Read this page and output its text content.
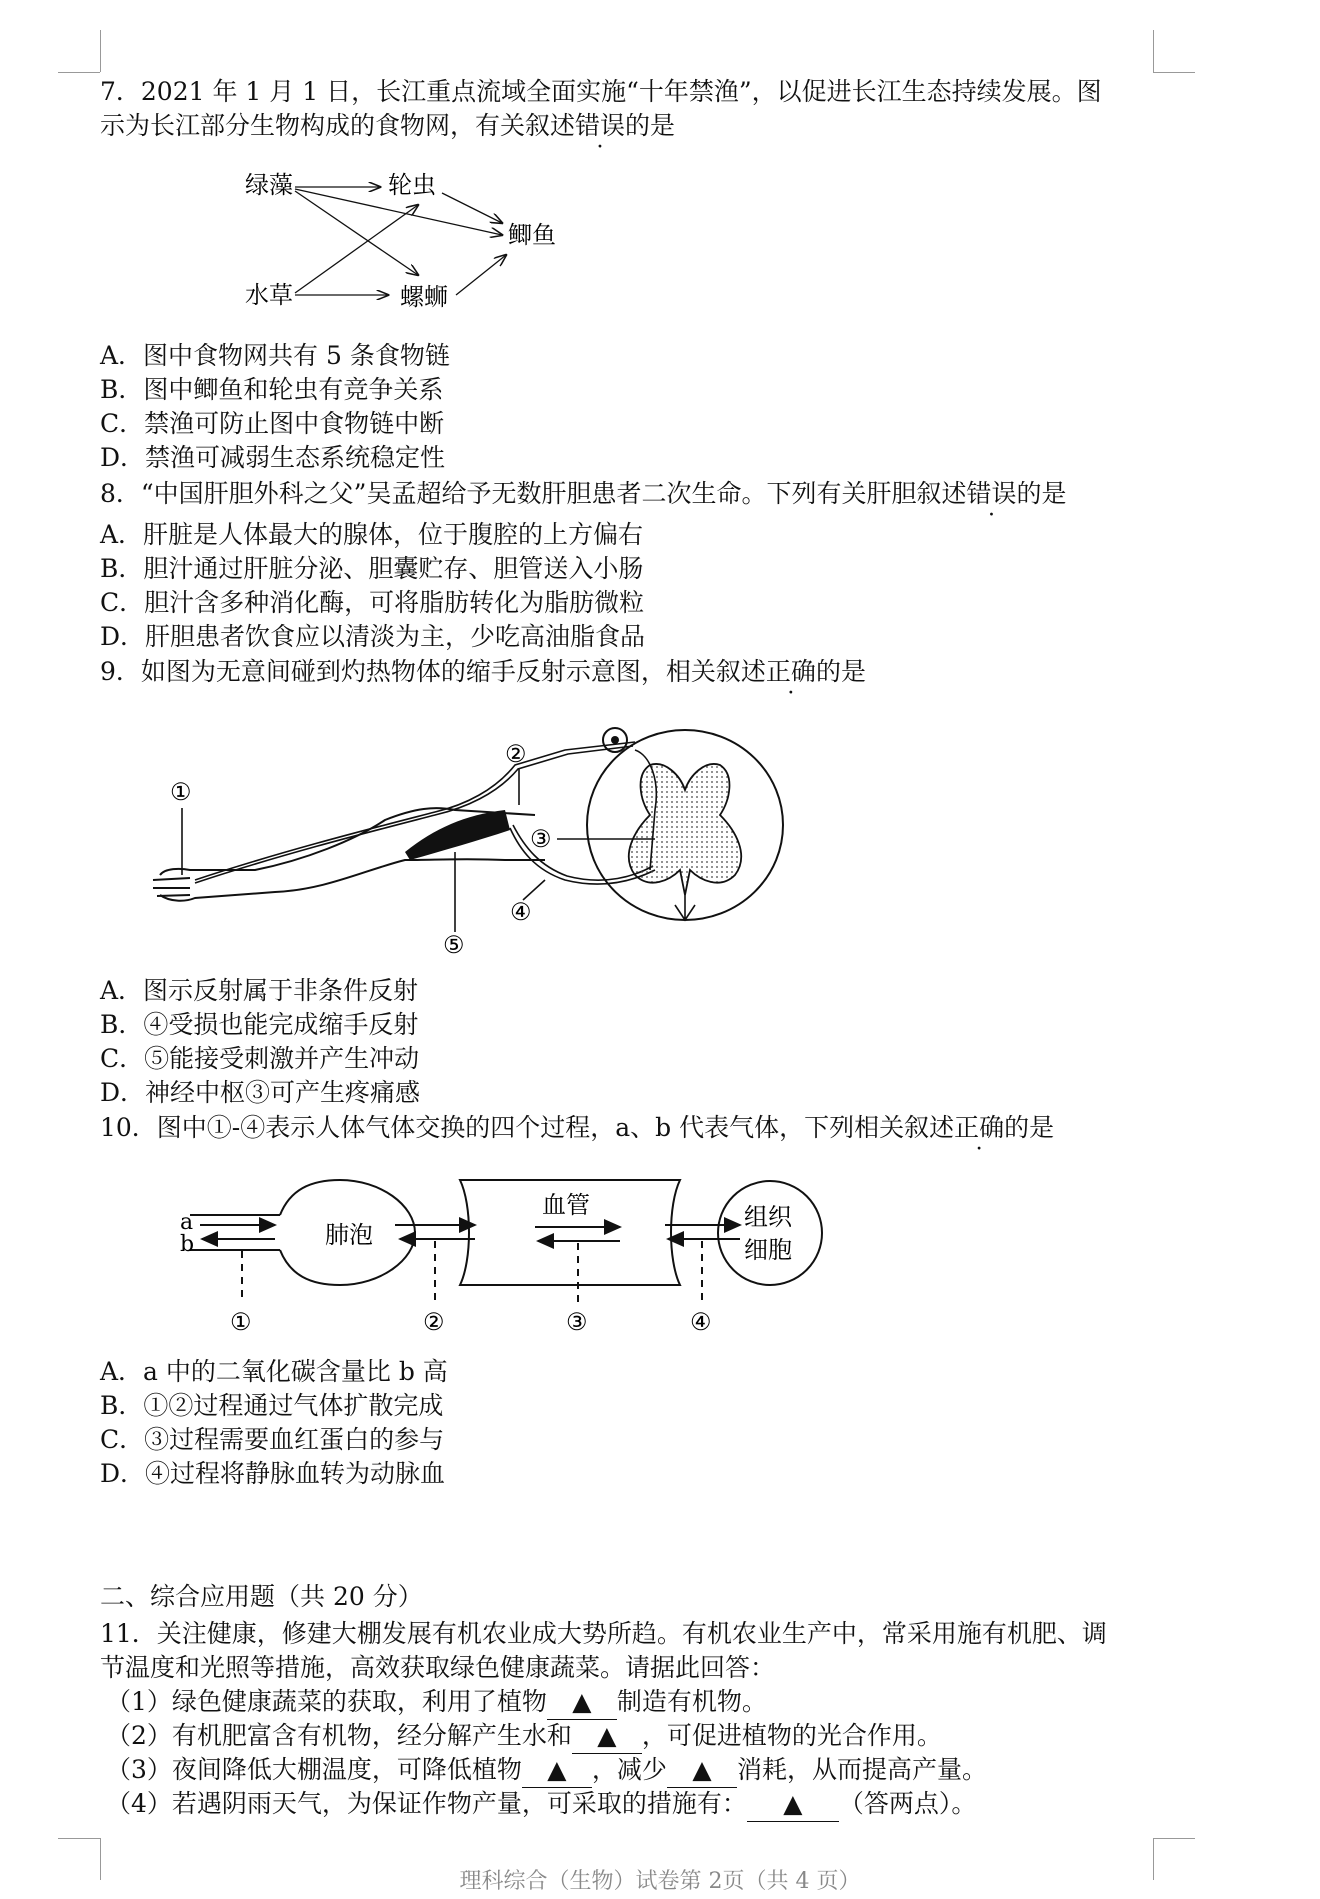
7．2021 年 1 月 1 日，长江重点流域全面实施“十年禁渔”，以促进长江生态持续发展。图
示为长江部分生物构成的食物网，有关叙述错误的是
绿藻	轮虫
鲫鱼
水草	螺蛳
A．图中食物网共有 5 条食物链
B．图中鲫鱼和轮虫有竞争关系
C．禁渔可防止图中食物链中断
D．禁渔可减弱生态系统稳定性
8．“中国肝胆外科之父”吴孟超给予无数肝胆患者二次生命。下列有关肝胆叙述错误的是
A．肝脏是人体最大的腺体，位于腹腔的上方偏右
B．胆汁通过肝脏分泌、胆囊贮存、胆管送入小肠
C．胆汁含多种消化酶，可将脂肪转化为脂肪微粒
D．肝胆患者饮食应以清淡为主，少吃高油脂食品
9．如图为无意间碰到灼热物体的缩手反射示意图，相关叙述正确的是
①
②
③
④
⑤
A．图示反射属于非条件反射
B．④受损也能完成缩手反射
C．⑤能接受刺激并产生冲动
D．神经中枢③可产生疼痛感
10．图中①-④表示人体气体交换的四个过程，a、b 代表气体，下列相关叙述正确的是
a
b	肺泡
血管	组织
细胞
①	②	③	④
A．a 中的二氧化碳含量比 b 高
B．①②过程通过气体扩散完成
C．③过程需要血红蛋白的参与
D．④过程将静脉血转为动脉血
二、综合应用题（共 20 分）
11．关注健康，修建大棚发展有机农业成大势所趋。有机农业生产中，常采用施有机肥、调
节温度和光照等措施，高效获取绿色健康蔬菜。请据此回答：
（1）绿色健康蔬菜的获取，利用了植物 ▲ 制造有机物。
（2）有机肥富含有机物，经分解产生水和 ▲ ，可促进植物的光合作用。
（3）夜间降低大棚温度，可降低植物 ▲ ，减少 ▲ 消耗，从而提高产量。
（4）若遇阴雨天气，为保证作物产量，可采取的措施有： ▲ （答两点）。
理科综合（生物）试卷第 2页（共 4 页）
